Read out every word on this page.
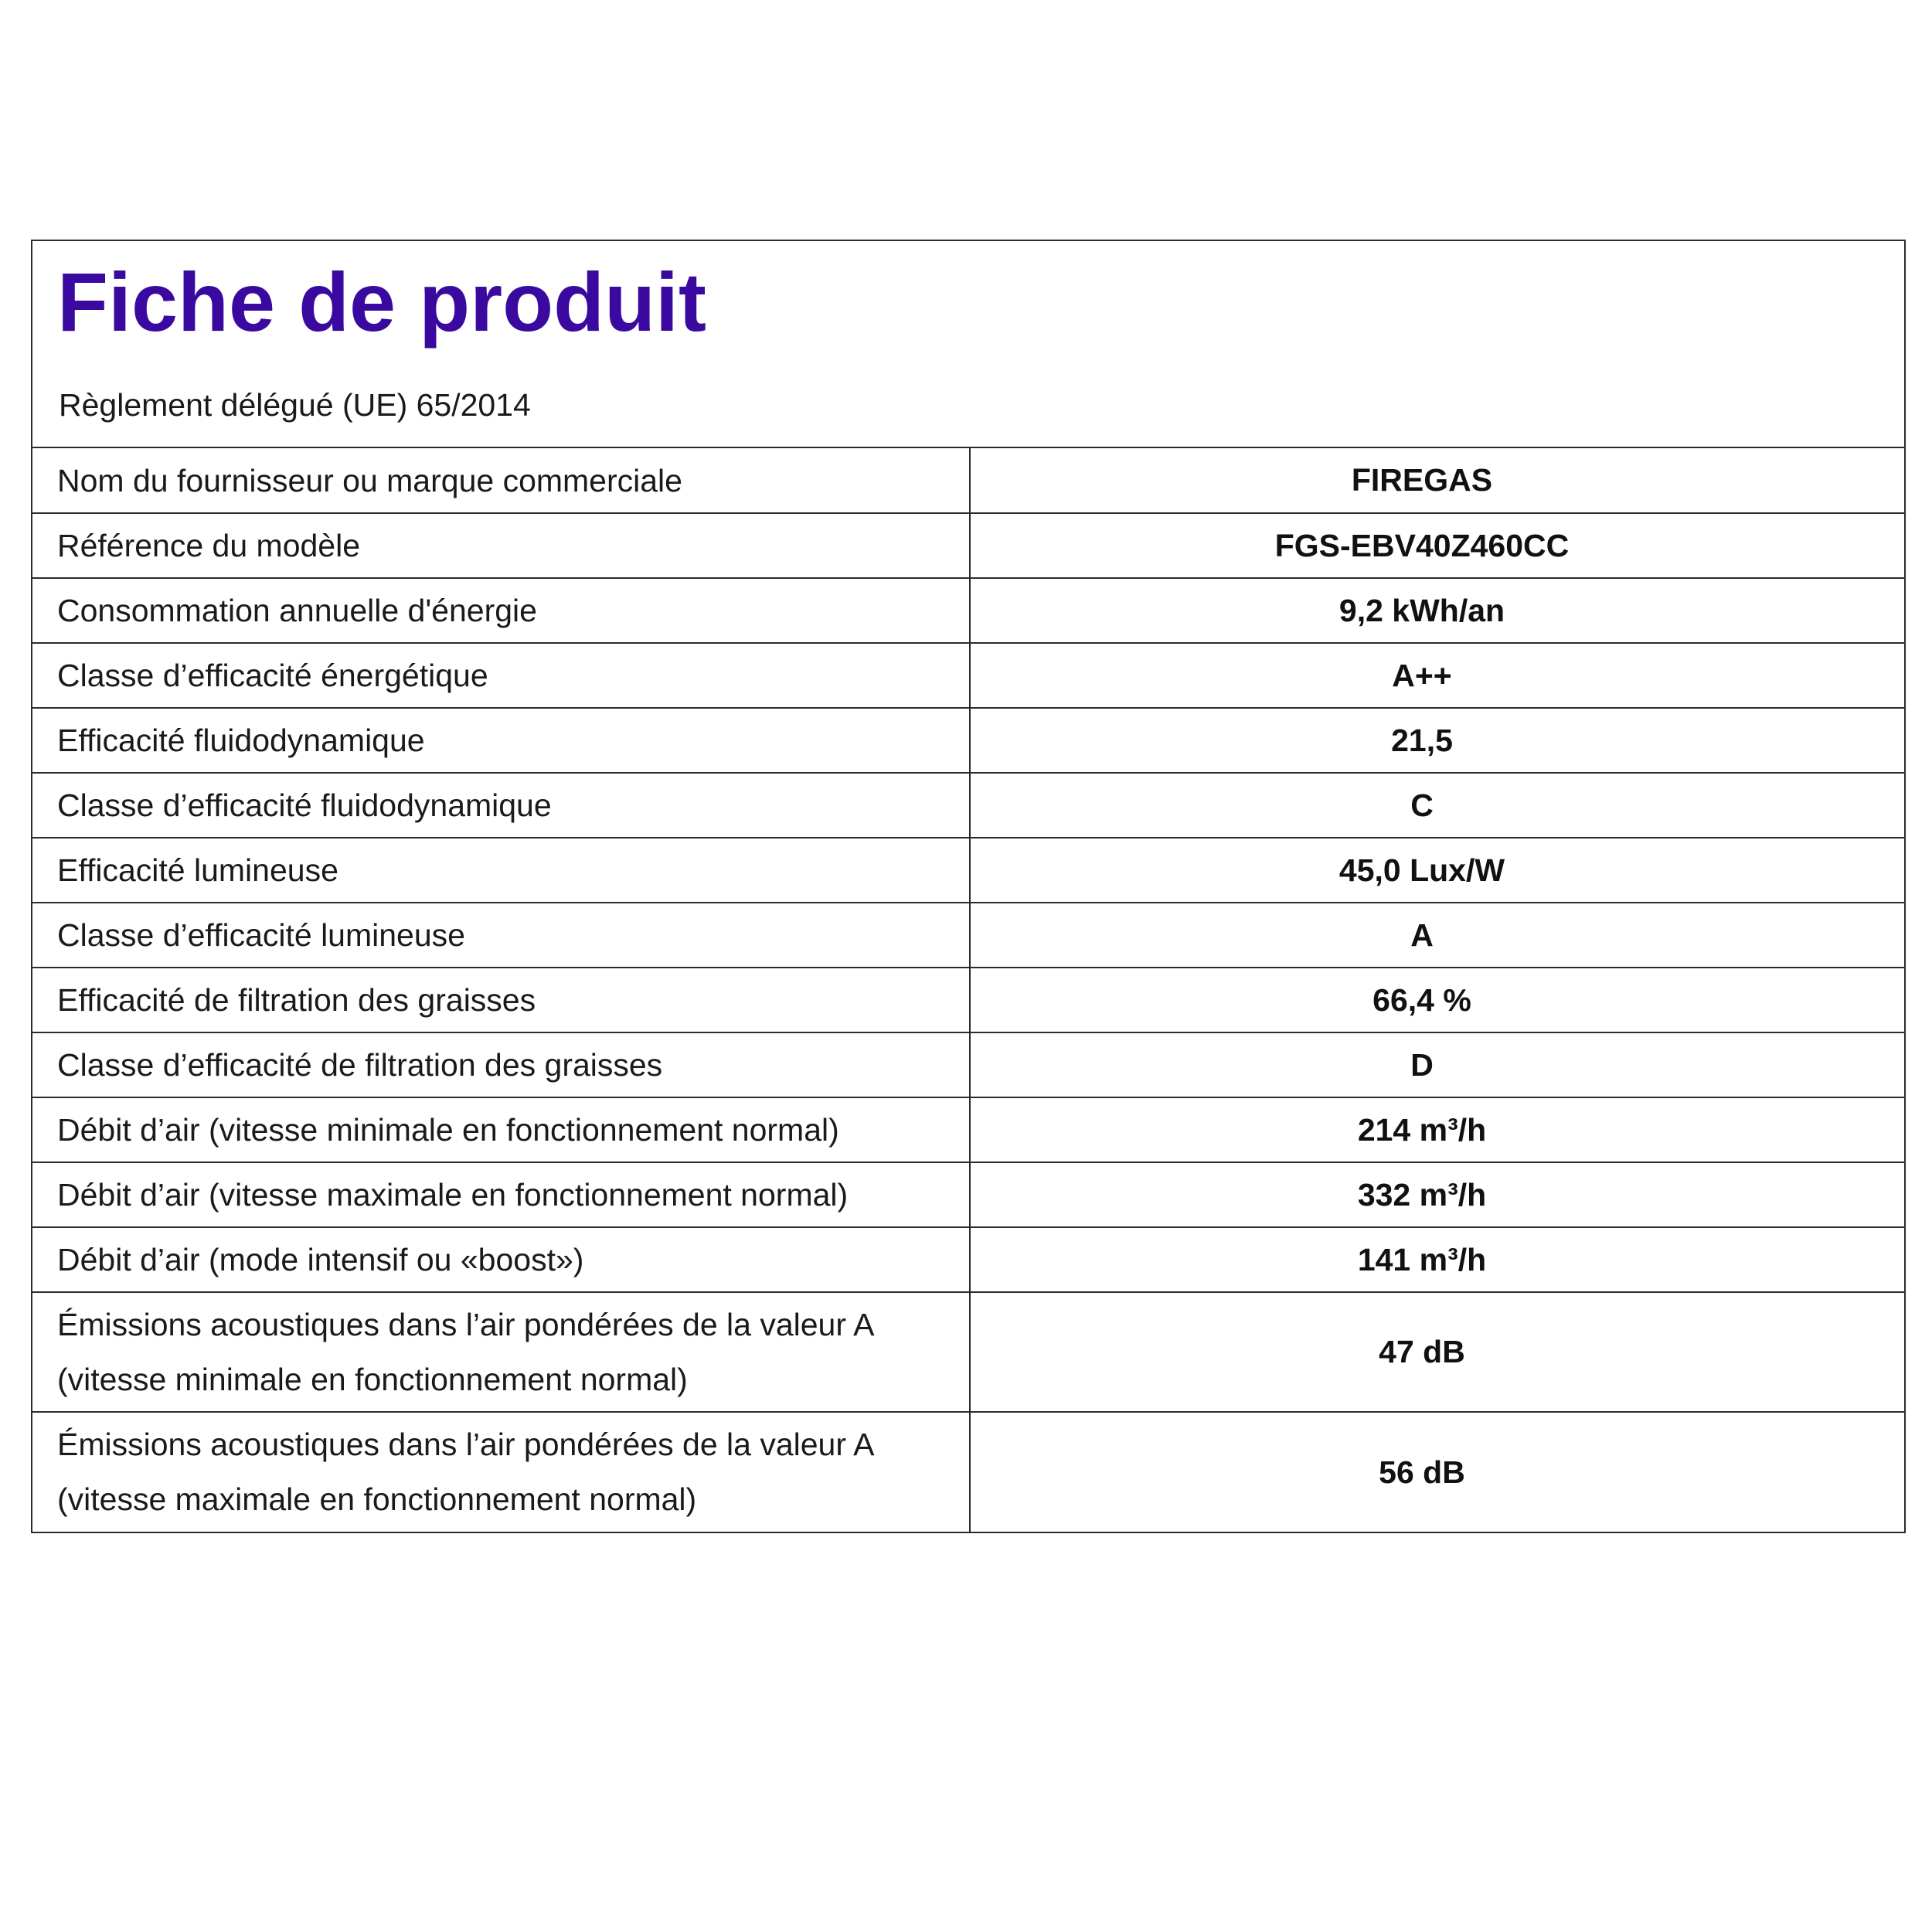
Fiche de produit

Règlement délégué (UE) 65/2014

Nom du fournisseur ou marque commerciale	FIREGAS
Référence du modèle	FGS-EBV40Z460CC
Consommation annuelle d'énergie	9,2 kWh/an
Classe d’efficacité énergétique	A++
Efficacité fluidodynamique	21,5
Classe d’efficacité fluidodynamique	C
Efficacité lumineuse	45,0 Lux/W
Classe d’efficacité lumineuse	A
Efficacité de filtration des graisses	66,4 %
Classe d’efficacité de filtration des graisses	D
Débit d’air (vitesse minimale en fonctionnement normal)	214 m³/h
Débit d’air (vitesse maximale en fonctionnement normal)	332 m³/h
Débit d’air (mode intensif ou «boost»)	141 m³/h
Émissions acoustiques dans l’air pondérées de la valeur A (vitesse minimale en fonctionnement normal)	47 dB
Émissions acoustiques dans l’air pondérées de la valeur A (vitesse maximale en fonctionnement normal)	56 dB
